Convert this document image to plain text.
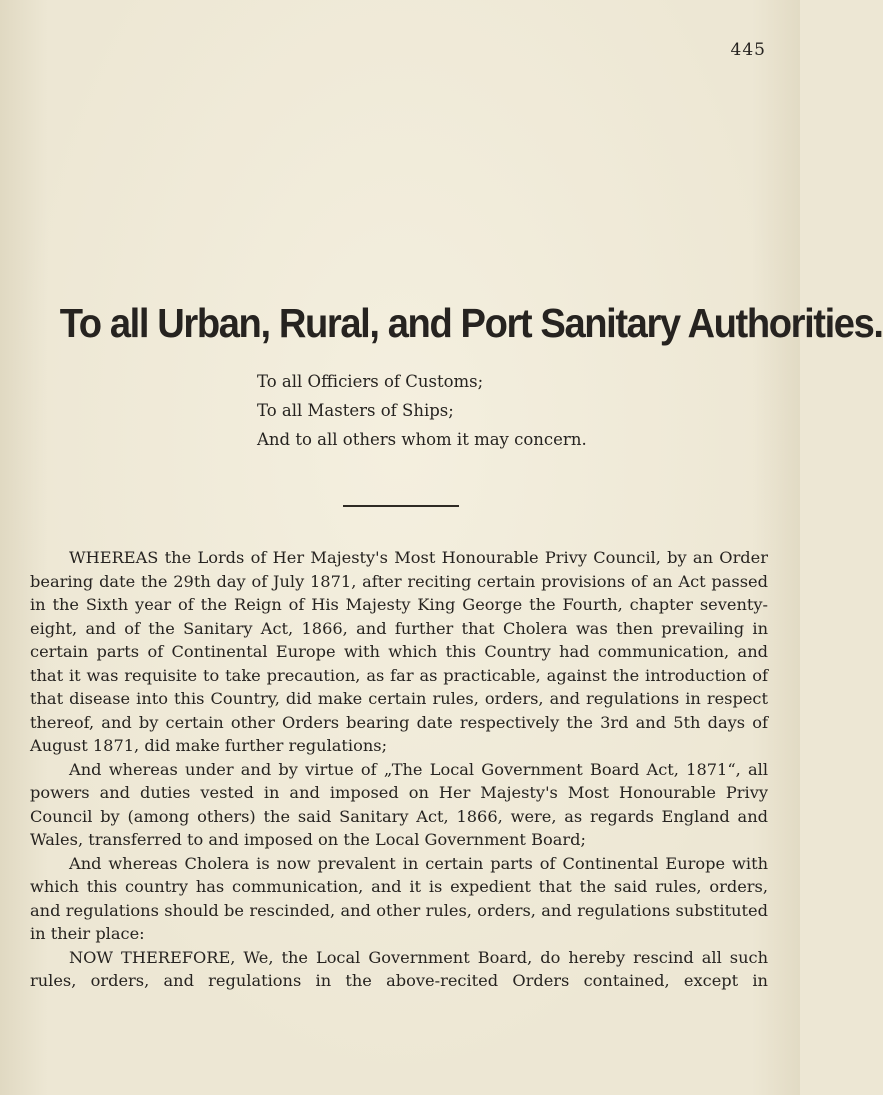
445
To all Urban, Rural, and Port Sanitary Authorities.
To all Officiers of Customs;
To all Masters of Ships;
And to all others whom it may concern.

WHEREAS the Lords of Her Majesty's Most Honourable Privy Council, by an Order bearing date the 29th day of July 1871, after reciting certain provisions of an Act passed in the Sixth year of the Reign of His Majesty King George the Fourth, chapter seventy-eight, and of the Sanitary Act, 1866, and further that Cholera was then prevailing in certain parts of Continental Europe with which this Country had communication, and that it was requisite to take precaution, as far as practicable, against the introduction of that disease into this Country, did make certain rules, orders, and regulations in respect thereof, and by certain other Orders bearing date respectively the 3rd and 5th days of August 1871, did make further regulations;

And whereas under and by virtue of „The Local Government Board Act, 1871“, all powers and duties vested in and imposed on Her Majesty's Most Honourable Privy Council by (among others) the said Sanitary Act, 1866, were, as regards England and Wales, transferred to and imposed on the Local Government Board;

And whereas Cholera is now prevalent in certain parts of Continental Europe with which this country has communication, and it is expedient that the said rules, orders, and regulations should be rescinded, and other rules, orders, and regulations substituted in their place:

NOW THEREFORE, We, the Local Government Board, do hereby rescind all such rules, orders, and regulations in the above-recited Orders contained, except in
